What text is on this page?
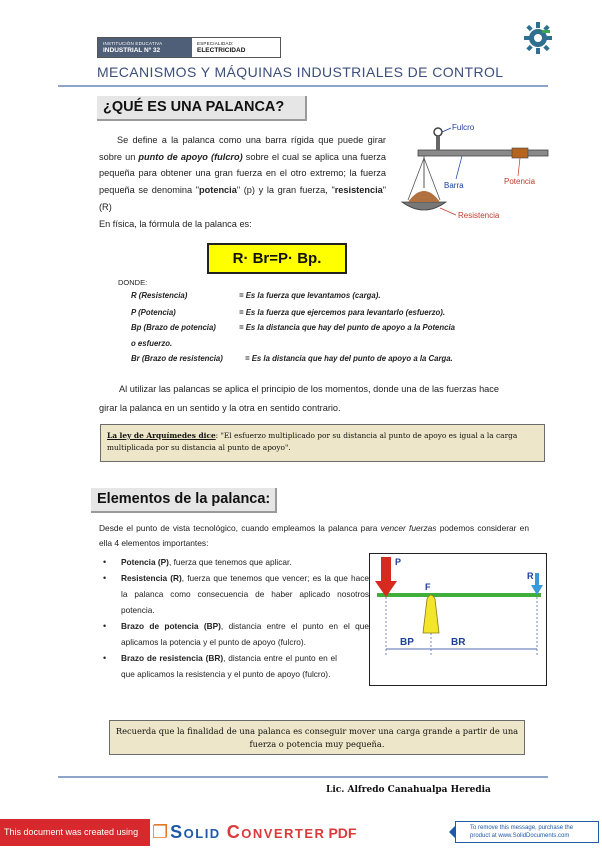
INSTITUCIÓN EDUCATIVA
INDUSTRIAL Nº 32
ESPECIALIDAD:
ELECTRICIDAD
MECANISMOS Y MÁQUINAS INDUSTRIALES DE CONTROL
¿QUÉ ES UNA PALANCA?
Se define a la palanca como una barra rígida que puede girar sobre un punto de apoyo (fulcro) sobre el cual se aplica una fuerza pequeña para obtener una gran fuerza en el otro extremo; la fuerza pequeña se denomina "potencia" (p) y la gran fuerza, "resistencia" (R)
En física, la fórmula de la palanca es:
Fulcro
Barra	Potencia
Resistencia
R· Br=P· Bp.
DONDE:
R (Resistencia)	= Es la fuerza que levantamos (carga).
P (Potencia)	= Es la fuerza que ejercemos para levantarlo (esfuerzo).
Bp (Brazo de potencia)	= Es la distancia que hay del punto de apoyo a la Potencia
o esfuerzo.
Br (Brazo de resistencia)	= Es la distancia que hay del punto de apoyo a la Carga.
Al utilizar las palancas se aplica el principio de los momentos, donde una de las fuerzas hace girar la palanca en un sentido y la otra en sentido contrario.
La ley de Arquímedes dice: "El esfuerzo multiplicado por su distancia al punto de apoyo es igual a la carga multiplicada por su distancia al punto de apoyo".
Elementos de la palanca:
Desde el punto de vista tecnológico, cuando empleamos la palanca para vencer fuerzas podemos considerar en ella 4 elementos importantes:
• Potencia (P), fuerza que tenemos que aplicar.
• Resistencia (R), fuerza que tenemos que vencer; es la que hace la palanca como consecuencia de haber aplicado nosotros potencia.
• Brazo de potencia (BP), distancia entre el punto en el que aplicamos la potencia y el punto de apoyo (fulcro).
• Brazo de resistencia (BR), distancia entre el punto en el que aplicamos la resistencia y el punto de apoyo (fulcro).
P
R
F
BP	BR
Recuerda que la finalidad de una palanca es conseguir mover una carga grande a partir de una fuerza o potencia muy pequeña.
Lic. Alfredo Canahualpa Heredia
This document was created using ❐ Solid Converter PDF	To remove this message, purchase the
product at www.SolidDocuments.com
